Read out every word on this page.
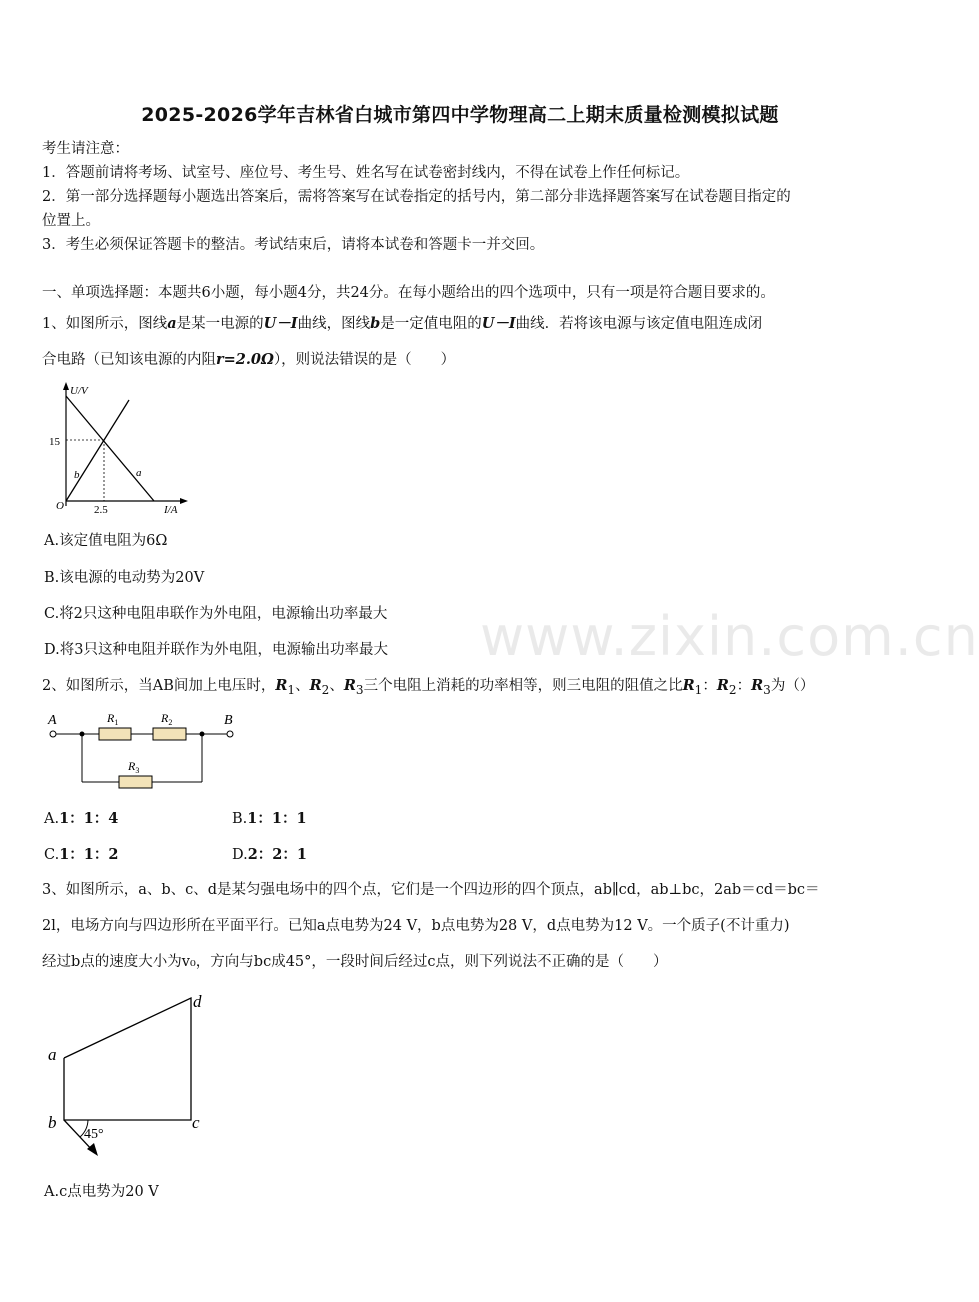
2025-2026学年吉林省白城市第四中学物理高二上期末质量检测模拟试题
考生请注意：
1．答题前请将考场、试室号、座位号、考生号、姓名写在试卷密封线内，不得在试卷上作任何标记。
2．第一部分选择题每小题选出答案后，需将答案写在试卷指定的括号内，第二部分非选择题答案写在试卷题目指定的
位置上。
3．考生必须保证答题卡的整洁。考试结束后，请将本试卷和答题卡一并交回。
一、单项选择题：本题共6小题，每小题4分，共24分。在每小题给出的四个选项中，只有一项是符合题目要求的。
1、如图所示，图线a是某一电源的U－I曲线，图线b是一定值电阻的U－I曲线．若将该电源与该定值电阻连成闭
合电路（已知该电源的内阻r=2.0Ω），则说法错误的是（　　）
U/V
15
2.5	I/A
O
a
b
A.该定值电阻为6Ω
B.该电源的电动势为20V
C.将2只这种电阻串联作为外电阻，电源输出功率最大
D.将3只这种电阻并联作为外电阻，电源输出功率最大
2、如图所示，当AB间加上电压时，$R_1$、$R_2$、$R_3$三个电阻上消耗的功率相等，则三电阻的阻值之比$R_1$：$R_2$：$R_3$为（）
A	B
$R_1$	$R_2$
$R_3$
A.1：1：4	B.1：1：1
C.1：1：2	D.2：2：1
3、如图所示，a、b、c、d是某匀强电场中的四个点，它们是一个四边形的四个顶点，ab∥cd，ab⊥bc，2ab＝cd＝bc＝
2l，电场方向与四边形所在平面平行。已知a点电势为24 V，b点电势为28 V，d点电势为12 V。一个质子(不计重力)
经过b点的速度大小为v₀，方向与bc成45°，一段时间后经过c点，则下列说法不正确的是（　　）
a
b	c
d
45°
A.c点电势为20 V
www.zixin.com.cn
